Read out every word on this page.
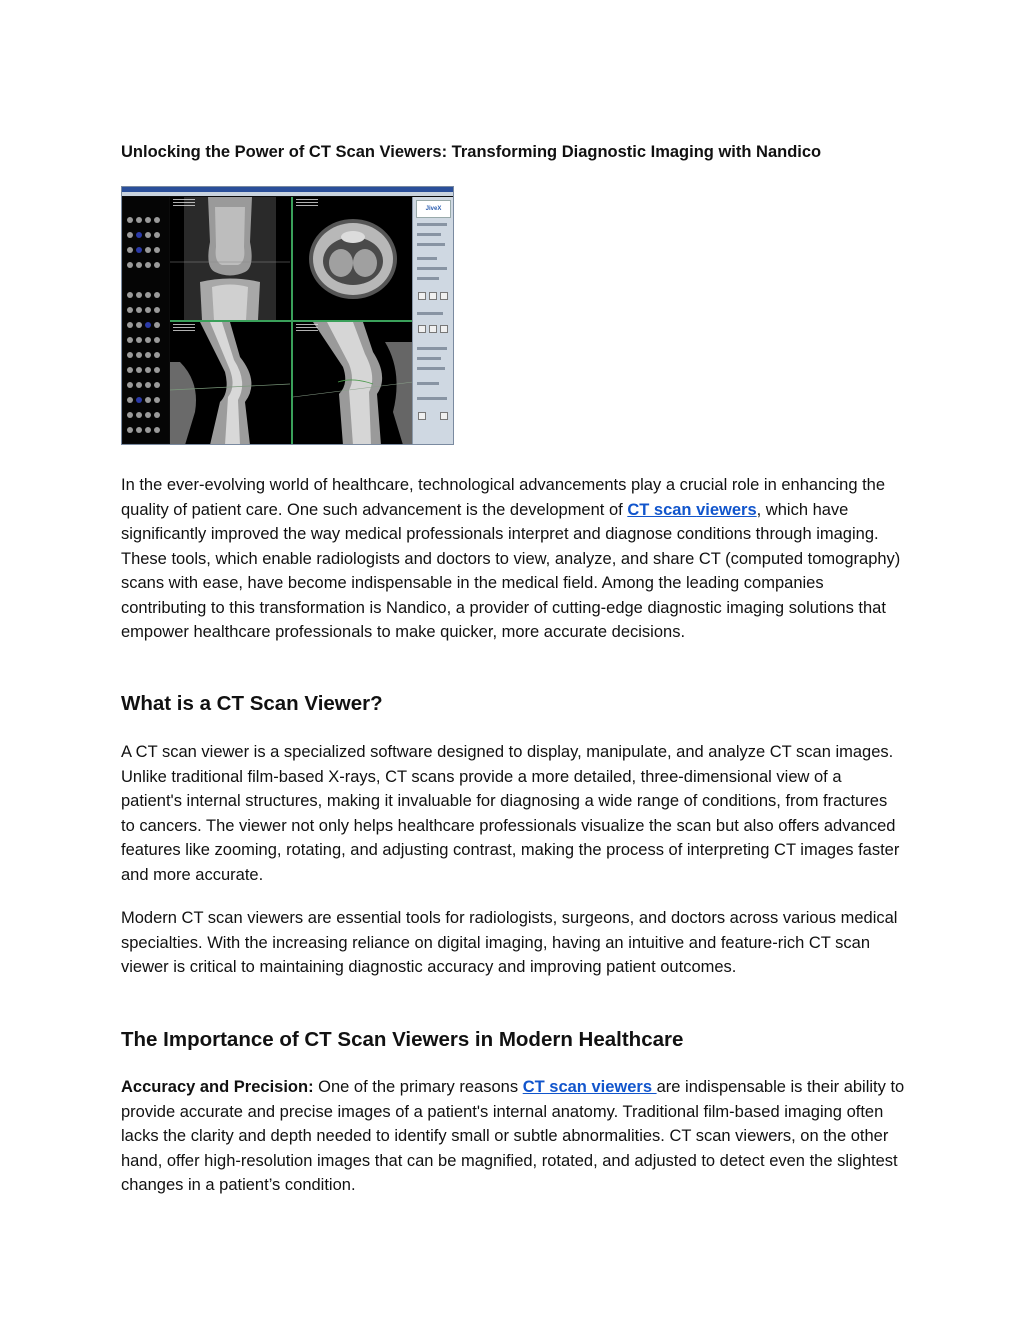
Unlocking the Power of CT Scan Viewers: Transforming Diagnostic Imaging with Nandico
JiveX

In the ever-evolving world of healthcare, technological advancements play a crucial role in enhancing the quality of patient care. One such advancement is the development of CT scan viewers, which have significantly improved the way medical professionals interpret and diagnose conditions through imaging. These tools, which enable radiologists and doctors to view, analyze, and share CT (computed tomography) scans with ease, have become indispensable in the medical field. Among the leading companies contributing to this transformation is Nandico, a provider of cutting-edge diagnostic imaging solutions that empower healthcare professionals to make quicker, more accurate decisions.

What is a CT Scan Viewer?

A CT scan viewer is a specialized software designed to display, manipulate, and analyze CT scan images. Unlike traditional film-based X-rays, CT scans provide a more detailed, three-dimensional view of a patient's internal structures, making it invaluable for diagnosing a wide range of conditions, from fractures to cancers. The viewer not only helps healthcare professionals visualize the scan but also offers advanced features like zooming, rotating, and adjusting contrast, making the process of interpreting CT images faster and more accurate.

Modern CT scan viewers are essential tools for radiologists, surgeons, and doctors across various medical specialties. With the increasing reliance on digital imaging, having an intuitive and feature-rich CT scan viewer is critical to maintaining diagnostic accuracy and improving patient outcomes.

The Importance of CT Scan Viewers in Modern Healthcare

Accuracy and Precision: One of the primary reasons CT scan viewers are indispensable is their ability to provide accurate and precise images of a patient's internal anatomy. Traditional film-based imaging often lacks the clarity and depth needed to identify small or subtle abnormalities. CT scan viewers, on the other hand, offer high-resolution images that can be magnified, rotated, and adjusted to detect even the slightest changes in a patient’s condition.
